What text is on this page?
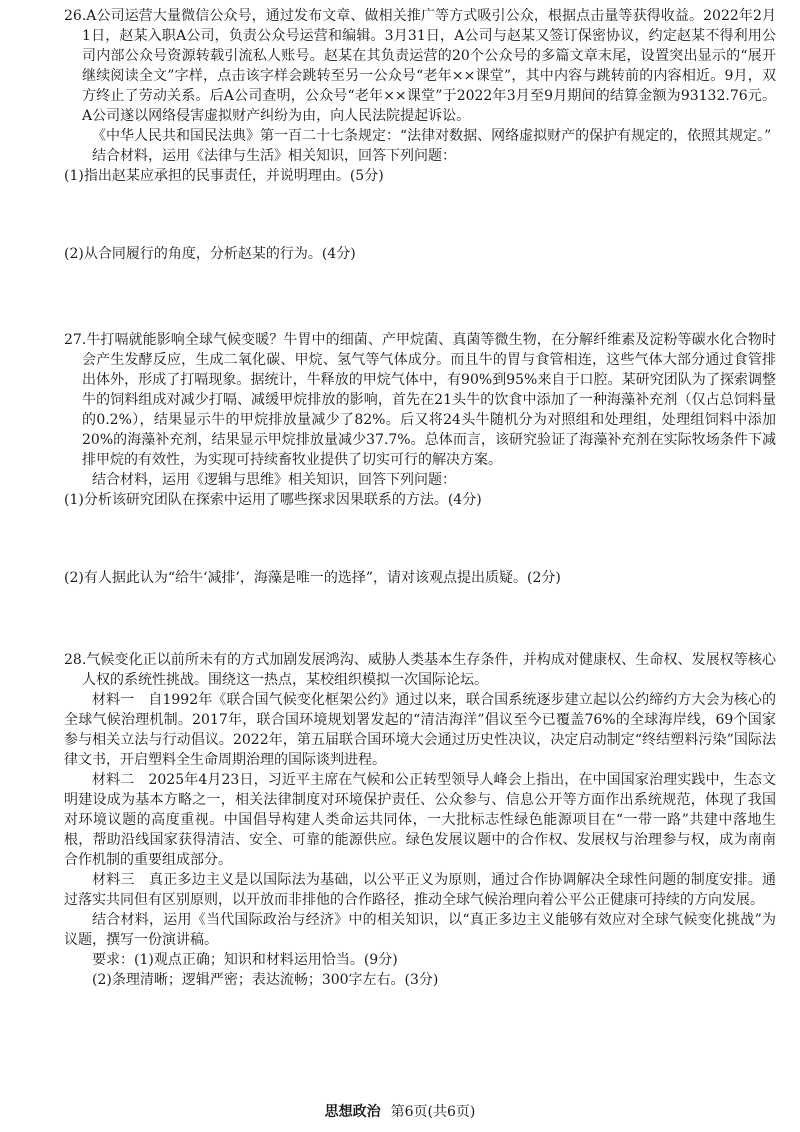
26.A公司运营大量微信公众号，通过发布文章、做相关推广等方式吸引公众，根据点击量等获得收益。2022年2月1日，赵某入职A公司，负责公众号运营和编辑。3月31日，A公司与赵某又签订保密协议，约定赵某不得利用公司内部公众号资源转载引流私人账号。赵某在其负责运营的20个公众号的多篇文章末尾，设置突出显示的“展开继续阅读全文”字样，点击该字样会跳转至另一公众号“老年××课堂”，其中内容与跳转前的内容相近。9月，双方终止了劳动关系。后A公司查明，公众号“老年××课堂”于2022年3月至9月期间的结算金额为93132.76元。A公司遂以网络侵害虚拟财产纠纷为由，向人民法院提起诉讼。

《中华人民共和国民法典》第一百二十七条规定：“法律对数据、网络虚拟财产的保护有规定的，依照其规定。”

结合材料，运用《法律与生活》相关知识，回答下列问题：

(1)指出赵某应承担的民事责任，并说明理由。(5分)

(2)从合同履行的角度，分析赵某的行为。(4分)

27.牛打嗝就能影响全球气候变暖？牛胃中的细菌、产甲烷菌、真菌等微生物，在分解纤维素及淀粉等碳水化合物时会产生发酵反应，生成二氧化碳、甲烷、氢气等气体成分。而且牛的胃与食管相连，这些气体大部分通过食管排出体外，形成了打嗝现象。据统计，牛释放的甲烷气体中，有90%到95%来自于口腔。某研究团队为了探索调整牛的饲料组成对减少打嗝、减缓甲烷排放的影响，首先在21头牛的饮食中添加了一种海藻补充剂（仅占总饲料量的0.2%），结果显示牛的甲烷排放量减少了82%。后又将24头牛随机分为对照组和处理组，处理组饲料中添加20%的海藻补充剂，结果显示甲烷排放量减少37.7%。总体而言，该研究验证了海藻补充剂在实际牧场条件下减排甲烷的有效性，为实现可持续畜牧业提供了切实可行的解决方案。

结合材料，运用《逻辑与思维》相关知识，回答下列问题：

(1)分析该研究团队在探索中运用了哪些探求因果联系的方法。(4分)

(2)有人据此认为“给牛‘减排’，海藻是唯一的选择”，请对该观点提出质疑。(2分)

28.气候变化正以前所未有的方式加剧发展鸿沟、威胁人类基本生存条件，并构成对健康权、生命权、发展权等核心人权的系统性挑战。围绕这一热点，某校组织模拟一次国际论坛。

材料一　自1992年《联合国气候变化框架公约》通过以来，联合国系统逐步建立起以公约缔约方大会为核心的全球气候治理机制。2017年，联合国环境规划署发起的“清洁海洋”倡议至今已覆盖76%的全球海岸线，69个国家参与相关立法与行动倡议。2022年，第五届联合国环境大会通过历史性决议，决定启动制定“终结塑料污染”国际法律文书，开启塑料全生命周期治理的国际谈判进程。

材料二　2025年4月23日，习近平主席在气候和公正转型领导人峰会上指出，在中国国家治理实践中，生态文明建设成为基本方略之一，相关法律制度对环境保护责任、公众参与、信息公开等方面作出系统规范，体现了我国对环境议题的高度重视。中国倡导构建人类命运共同体，一大批标志性绿色能源项目在“一带一路”共建中落地生根，帮助沿线国家获得清洁、安全、可靠的能源供应。绿色发展议题中的合作权、发展权与治理参与权，成为南南合作机制的重要组成部分。

材料三　真正多边主义是以国际法为基础，以公平正义为原则，通过合作协调解决全球性问题的制度安排。通过落实共同但有区别原则，以开放而非排他的合作路径，推动全球气候治理向着公平公正健康可持续的方向发展。

结合材料，运用《当代国际政治与经济》中的相关知识，以“真正多边主义能够有效应对全球气候变化挑战”为议题，撰写一份演讲稿。

要求：(1)观点正确；知识和材料运用恰当。(9分)

(2)条理清晰；逻辑严密；表达流畅；300字左右。(3分)

思想政治 第6页(共6页)
